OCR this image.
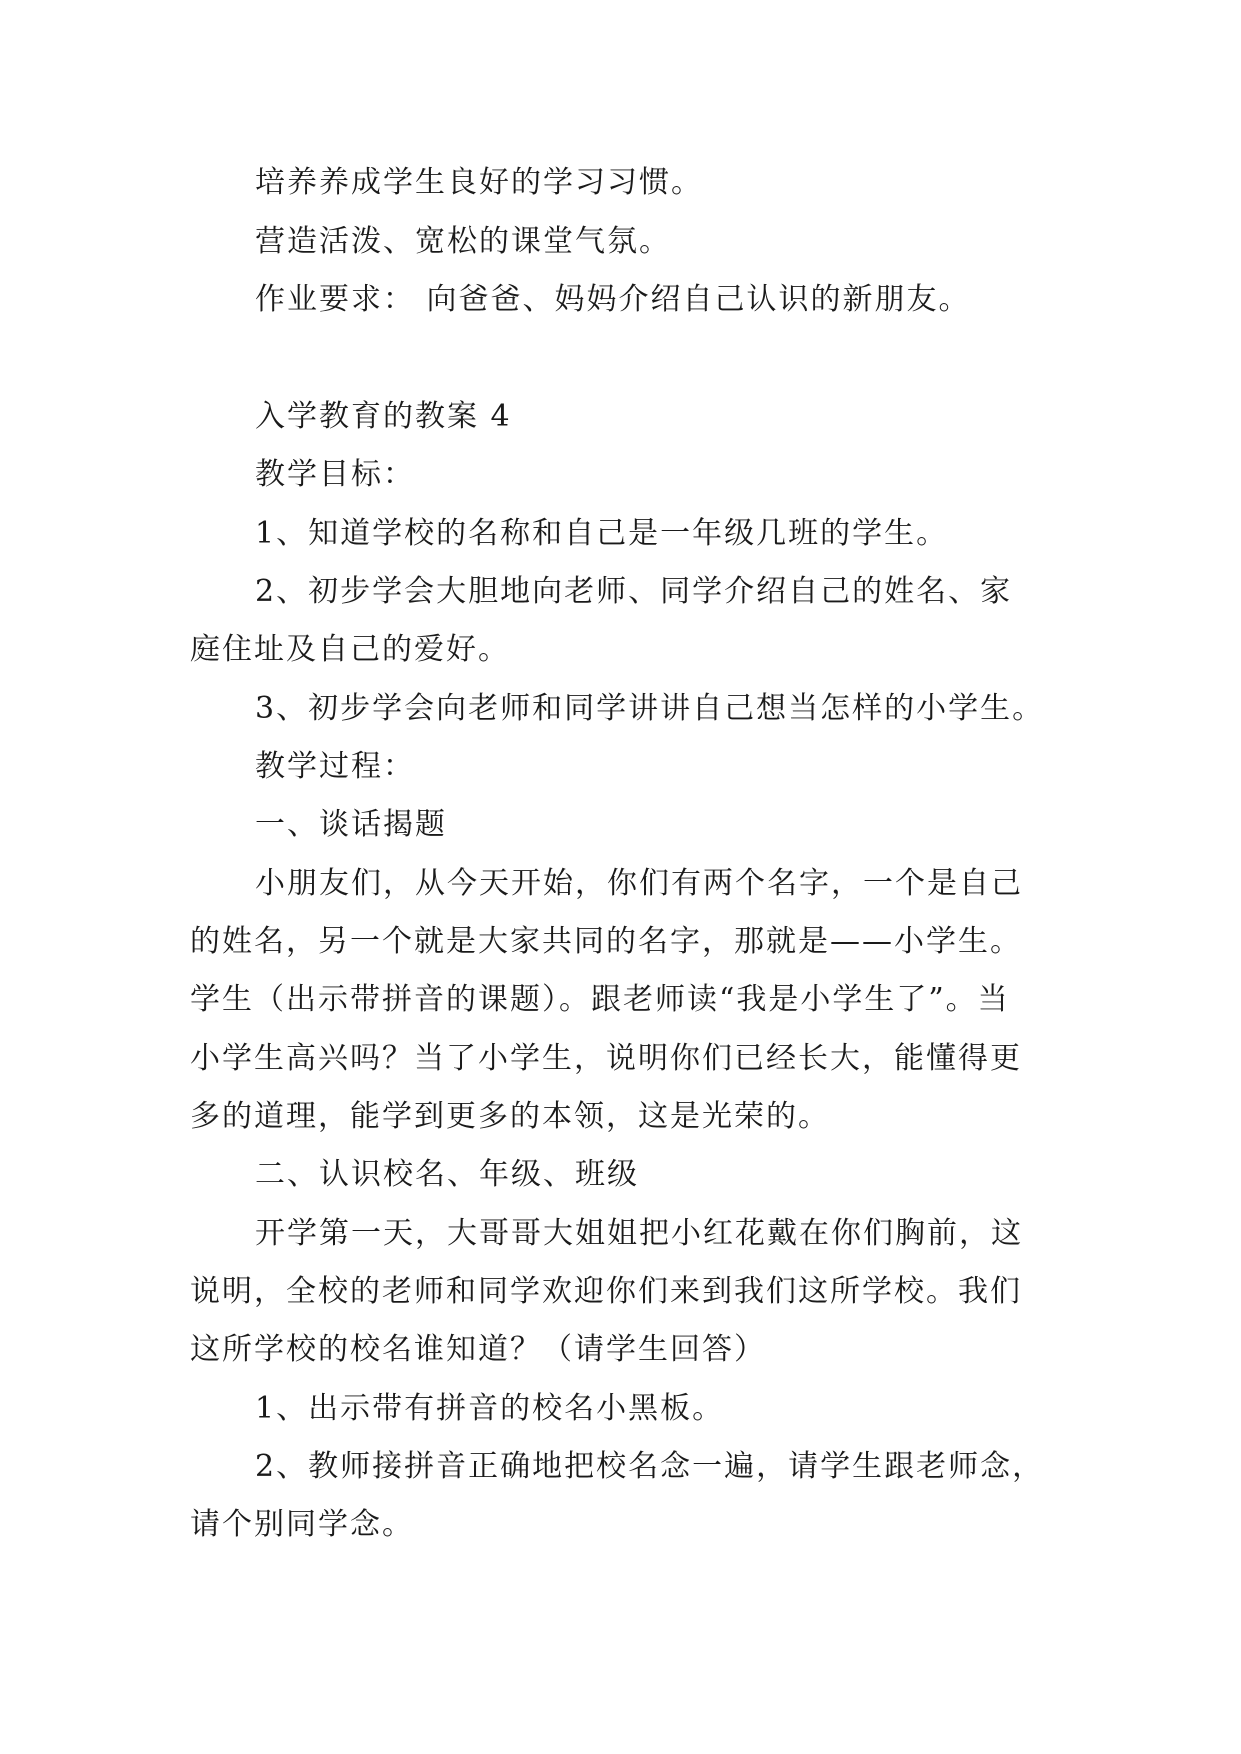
培养养成学生良好的学习习惯。
营造活泼、宽松的课堂气氛。
作业要求： 向爸爸、妈妈介绍自己认识的新朋友。
入学教育的教案 4
教学目标：
1、知道学校的名称和自己是一年级几班的学生。
2、初步学会大胆地向老师、同学介绍自己的姓名、家
庭住址及自己的爱好。
3、初步学会向老师和同学讲讲自己想当怎样的小学生。
教学过程：
一、谈话揭题
小朋友们，从今天开始，你们有两个名字，一个是自己
的姓名，另一个就是大家共同的名字，那就是——小学生。
学生（出示带拼音的课题）。跟老师读“我是小学生了”。当
小学生高兴吗？当了小学生，说明你们已经长大，能懂得更
多的道理，能学到更多的本领，这是光荣的。
二、认识校名、年级、班级
开学第一天，大哥哥大姐姐把小红花戴在你们胸前，这
说明，全校的老师和同学欢迎你们来到我们这所学校。我们
这所学校的校名谁知道？（请学生回答）
1、出示带有拼音的校名小黑板。
2、教师接拼音正确地把校名念一遍，请学生跟老师念，
请个别同学念。
